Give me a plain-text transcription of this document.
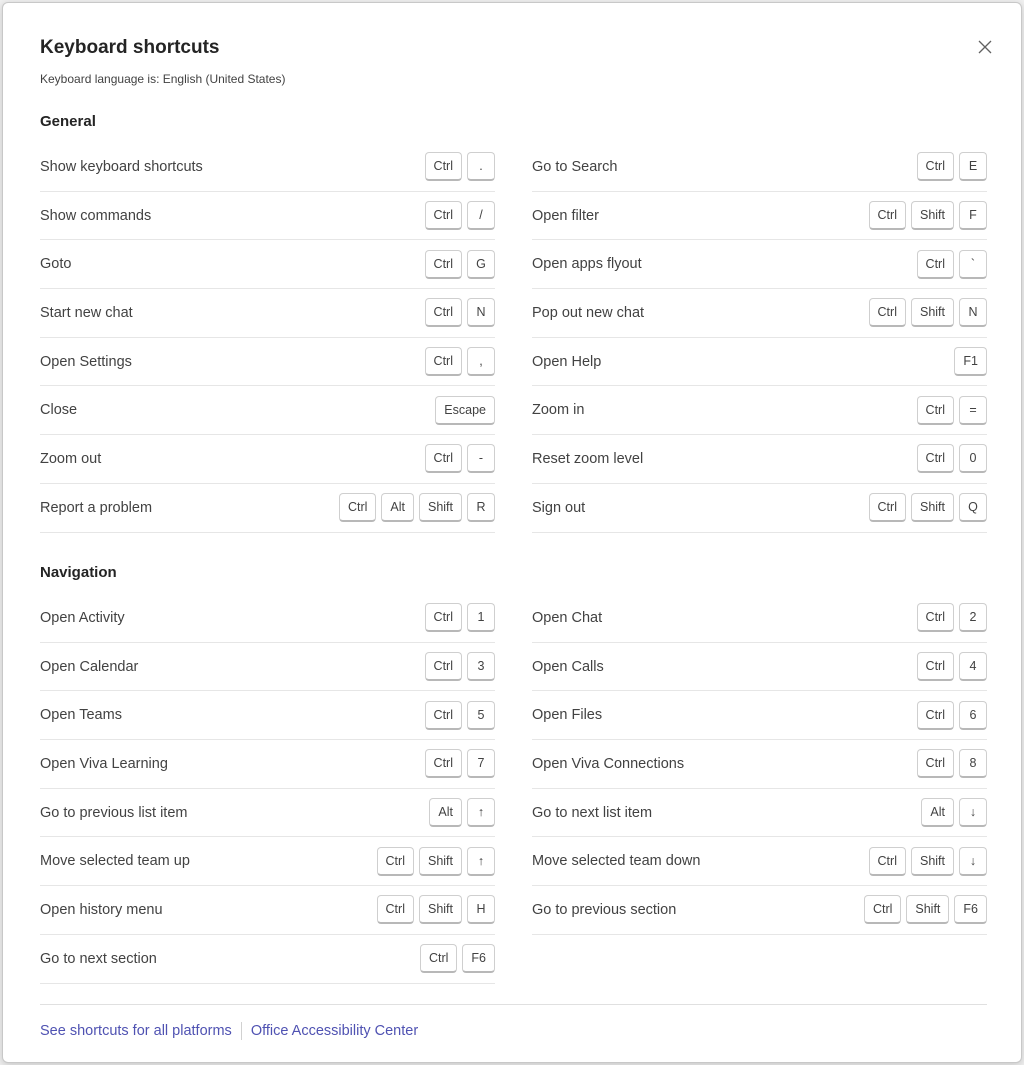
Keyboard shortcuts
Keyboard language is: English (United States)
General
Show keyboard shortcuts	Ctrl	.	Go to Search	Ctrl	E
Show commands	Ctrl	/	Open filter	Ctrl	Shift	F
Goto	Ctrl	G	Open apps flyout	Ctrl	`
Start new chat	Ctrl	N	Pop out new chat	Ctrl	Shift	N
Open Settings	Ctrl	,	Open Help	F1
Close	Escape	Zoom in	Ctrl	=
Zoom out	Ctrl	-	Reset zoom level	Ctrl	0
Report a problem	Ctrl	Alt	Shift	R	Sign out	Ctrl	Shift	Q
Navigation
Open Activity	Ctrl	1	Open Chat	Ctrl	2
Open Calendar	Ctrl	3	Open Calls	Ctrl	4
Open Teams	Ctrl	5	Open Files	Ctrl	6
Open Viva Learning	Ctrl	7	Open Viva Connections	Ctrl	8
Go to previous list item	Alt	↑	Go to next list item	Alt	↓
Move selected team up	Ctrl	Shift	↑	Move selected team down	Ctrl	Shift	↓
Open history menu	Ctrl	Shift	H	Go to previous section	Ctrl	Shift	F6
Go to next section	Ctrl	F6
See shortcuts for all platforms Office Accessibility Center
